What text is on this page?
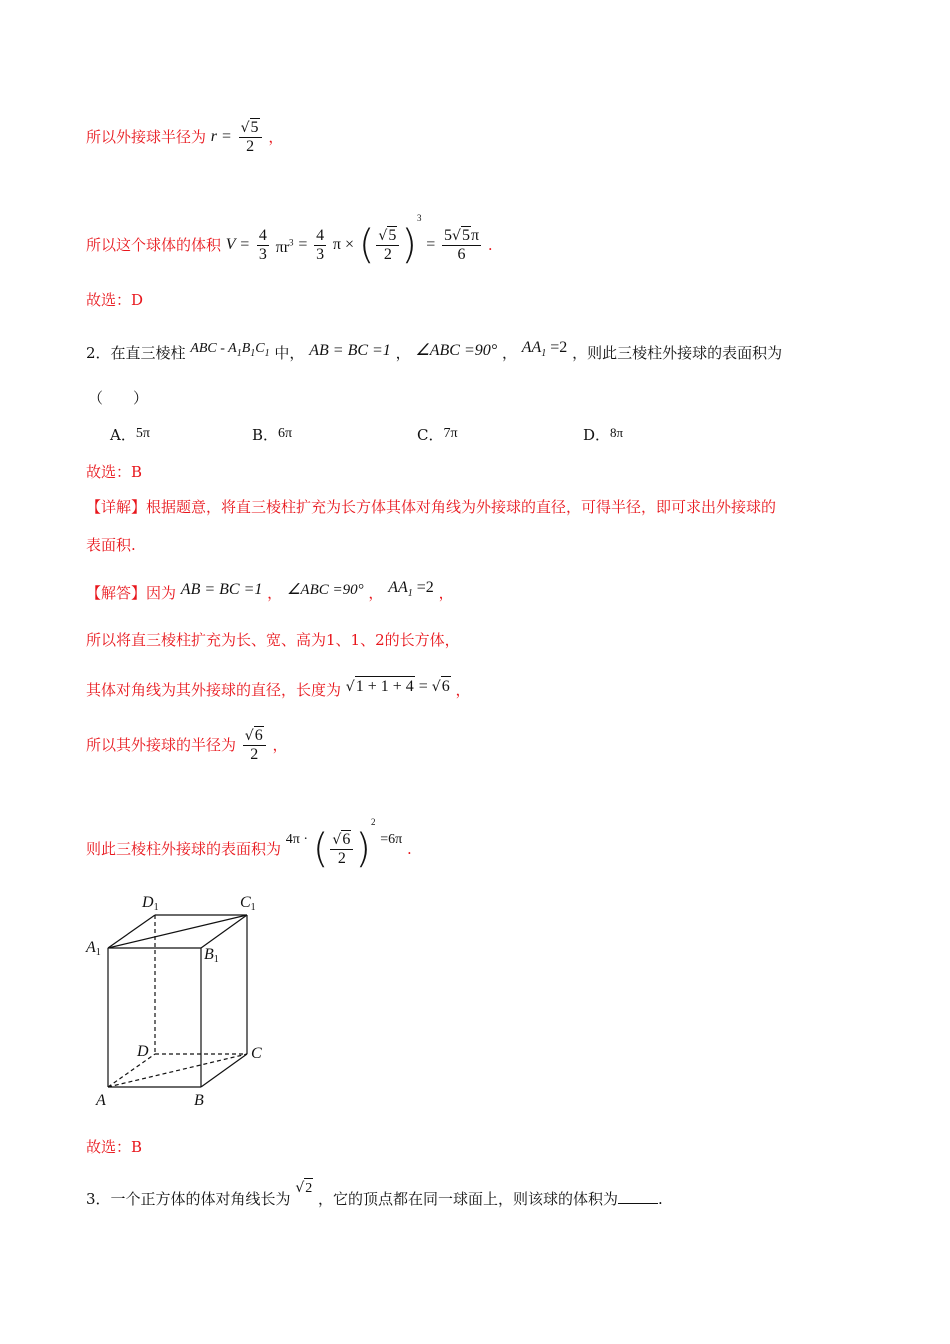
所以外接球半径为 $r = \frac{√5}{2}$ ，
所以这个球体的体积 $V = \frac{4}{3} \pi r^3 = \frac{4}{3}$ π × ( $\frac{√5}{2} )^3 = \frac{5√5\pi}{6}$ .
故选：D
2．在直三棱柱 ABC - $A_1B_1C_1$ 中， AB = BC =1 ， ∠ABC =90° ， $AA_1 =2$ ，则此三棱柱外接球的表面积为
（　　）
A．5π	B．6π	C．7π	D．8π
故选：B
【详解】根据题意，将直三棱柱扩充为长方体其体对角线为外接球的直径，可得半径，即可求出外接球的
表面积.
【解答】因为 AB = BC =1 ， ∠ABC =90° ， $AA_1 =2$ ，
所以将直三棱柱扩充为长、宽、高为1、1、2的长方体，
其体对角线为其外接球的直径，长度为 √1 + 1 + 4 = √6 ，
所以其外接球的半径为 $\frac{√6}{2}$ ，
则此三棱柱外接球的表面积为 4π · ( $\frac{√6}{2} )^2 =6\pi$ .
D1	C1
A1	B1
D	C
A	B
故选：B
3．一个正方体的体对角线长为 √2 ，它的顶点都在同一球面上，则该球的体积为	.
